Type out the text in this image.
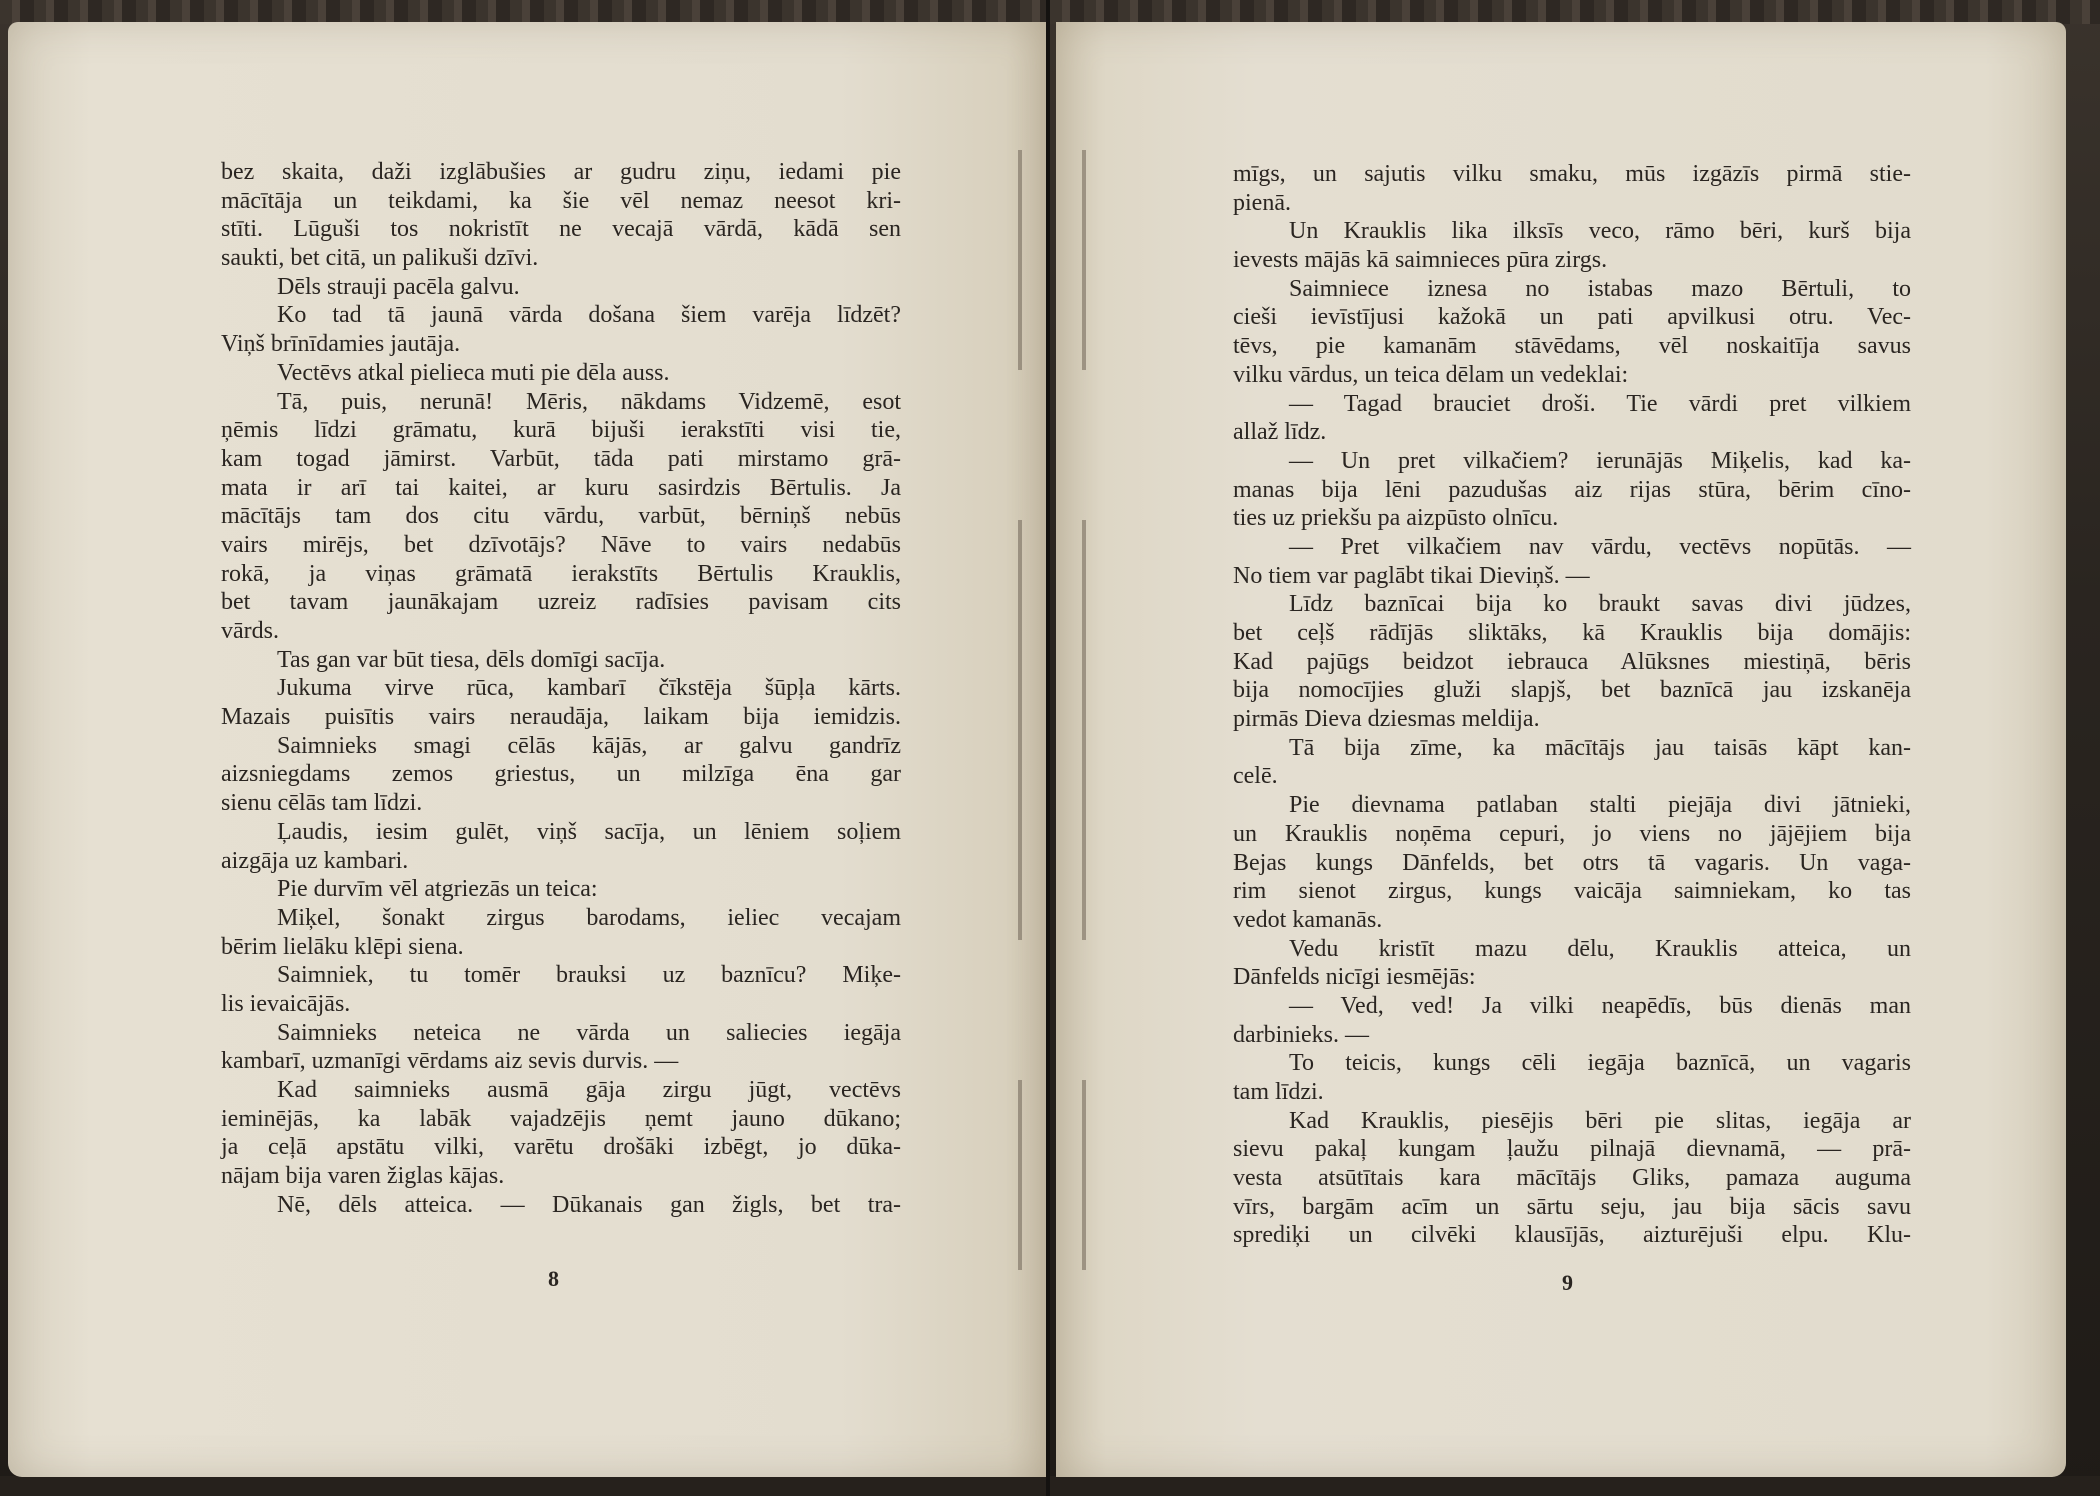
bez skaita, daži izglābušies ar gudru ziņu, iedami pie
mācītāja un teikdami, ka šie vēl nemaz neesot kri-
stīti. Lūguši tos nokristīt ne vecajā vārdā, kādā sen
saukti, bet citā, un palikuši dzīvi.
Dēls strauji pacēla galvu.
Ko tad tā jaunā vārda došana šiem varēja līdzēt?
Viņš brīnīdamies jautāja.
Vectēvs atkal pielieca muti pie dēla auss.
Tā, puis, nerunā! Mēris, nākdams Vidzemē, esot
ņēmis līdzi grāmatu, kurā bijuši ierakstīti visi tie,
kam togad jāmirst. Varbūt, tāda pati mirstamo grā-
mata ir arī tai kaitei, ar kuru sasirdzis Bērtulis. Ja
mācītājs tam dos citu vārdu, varbūt, bērniņš nebūs
vairs mirējs, bet dzīvotājs? Nāve to vairs nedabūs
rokā, ja viņas grāmatā ierakstīts Bērtulis Krauklis,
bet tavam jaunākajam uzreiz radīsies pavisam cits
vārds.
Tas gan var būt tiesa, dēls domīgi sacīja.
Jukuma virve rūca, kambarī čīkstēja šūpļa kārts.
Mazais puisītis vairs neraudāja, laikam bija iemidzis.
Saimnieks smagi cēlās kājās, ar galvu gandrīz
aizsniegdams zemos griestus, un milzīga ēna gar
sienu cēlās tam līdzi.
Ļaudis, iesim gulēt, viņš sacīja, un lēniem soļiem
aizgāja uz kambari.
Pie durvīm vēl atgriezās un teica:
Miķel, šonakt zirgus barodams, ieliec vecajam
bērim lielāku klēpi siena.
Saimniek, tu tomēr brauksi uz baznīcu? Miķe-
lis ievaicājās.
Saimnieks neteica ne vārda un saliecies iegāja
kambarī, uzmanīgi vērdams aiz sevis durvis. —
Kad saimnieks ausmā gāja zirgu jūgt, vectēvs
ieminējās, ka labāk vajadzējis ņemt jauno dūkano;
ja ceļā apstātu vilki, varētu drošāki izbēgt, jo dūka-
nājam bija varen žiglas kājas.
Nē, dēls atteica. — Dūkanais gan žigls, bet tra-
mīgs, un sajutis vilku smaku, mūs izgāzīs pirmā stie-
pienā.
Un Krauklis lika ilksīs veco, rāmo bēri, kurš bija
ievests mājās kā saimnieces pūra zirgs.
Saimniece iznesa no istabas mazo Bērtuli, to
cieši ievīstījusi kažokā un pati apvilkusi otru. Vec-
tēvs, pie kamanām stāvēdams, vēl noskaitīja savus
vilku vārdus, un teica dēlam un vedeklai:
— Tagad brauciet droši. Tie vārdi pret vilkiem
allaž līdz.
— Un pret vilkačiem? ierunājās Miķelis, kad ka-
manas bija lēni pazudušas aiz rijas stūra, bērim cīno-
ties uz priekšu pa aizpūsto olnīcu.
— Pret vilkačiem nav vārdu, vectēvs nopūtās. —
No tiem var paglābt tikai Dieviņš. —
Līdz baznīcai bija ko braukt savas divi jūdzes,
bet ceļš rādījās sliktāks, kā Krauklis bija domājis:
Kad pajūgs beidzot iebrauca Alūksnes miestiņā, bēris
bija nomocījies gluži slapjš, bet baznīcā jau izskanēja
pirmās Dieva dziesmas meldija.
Tā bija zīme, ka mācītājs jau taisās kāpt kan-
celē.
Pie dievnama patlaban stalti piejāja divi jātnieki,
un Krauklis noņēma cepuri, jo viens no jājējiem bija
Bejas kungs Dānfelds, bet otrs tā vagaris. Un vaga-
rim sienot zirgus, kungs vaicāja saimniekam, ko tas
vedot kamanās.
Vedu kristīt mazu dēlu, Krauklis atteica, un
Dānfelds nicīgi iesmējās:
— Ved, ved! Ja vilki neapēdīs, būs dienās man
darbinieks. —
To teicis, kungs cēli iegāja baznīcā, un vagaris
tam līdzi.
Kad Krauklis, piesējis bēri pie slitas, iegāja ar
sievu pakaļ kungam ļaužu pilnajā dievnamā, — prā-
vesta atsūtītais kara mācītājs Gliks, pamaza auguma
vīrs, bargām acīm un sārtu seju, jau bija sācis savu
sprediķi un cilvēki klausījās, aizturējuši elpu. Klu-
8	9
